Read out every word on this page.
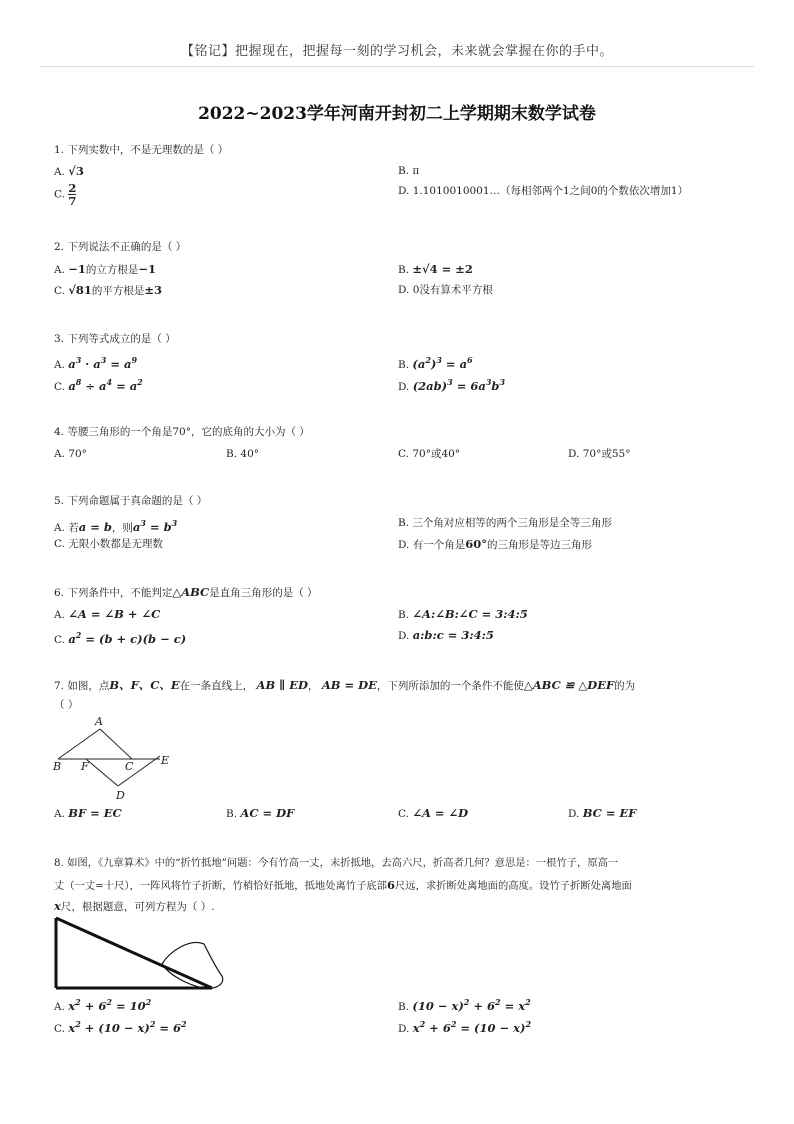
【铭记】把握现在，把握每一刻的学习机会，未来就会掌握在你的手中。
2022~2023学年河南开封初二上学期期末数学试卷
1. 下列实数中，不是无理数的是（ ）
A. √3	B. π
C. $\frac{2}{7}$	D. 1.1010010001…（每相邻两个1之间0的个数依次增加1）
2. 下列说法不正确的是（ ）
A. −1的立方根是−1	B. ±√4 = ±2
C. √81的平方根是±3	D. 0没有算术平方根
3. 下列等式成立的是（ ）
A. $a^3 \cdot a^3 = a^9$	B. $(a^2)^3 = a^6$
C. $a^8 \div a^4 = a^2$	D. $(2ab)^3 = 6a^3b^3$
4. 等腰三角形的一个角是70°，它的底角的大小为（ ）
A. 70°	B. 40°	C. 70°或40°	D. 70°或55°
5. 下列命题属于真命题的是（ ）
A. 若a = b，则$a^3 = b^3$	B. 三个角对应相等的两个三角形是全等三角形
C. 无限小数都是无理数	D. 有一个角是60°的三角形是等边三角形
6. 下列条件中，不能判定△ABC是直角三角形的是（ ）
A. ∠A = ∠B + ∠C	B. ∠A:∠B:∠C = 3:4:5
C. $a^2 = (b + c)(b - c)$	D. a:b:c = 3:4:5
7. 如图，点B、F、C、E在一条直线上， AB ∥ ED， AB = DE，下列所添加的一个条件不能使△ABC ≌ △DEF的为
（ ）
A
B F	C	E
D
A. BF = EC	B. AC = DF	C. ∠A = ∠D	D. BC = EF
8. 如图，《九章算术》中的“折竹抵地”问题：今有竹高一丈，末折抵地，去高六尺，折高者几何？意思是：一根竹子，原高一
丈（一丈=十尺），一阵风将竹子折断，竹梢恰好抵地，抵地处离竹子底部6尺远，求折断处离地面的高度。设竹子折断处离地面
x尺，根据题意，可列方程为（ ）.
A. $x^2 + 6^2 = 10^2$	B. $(10 - x)^2 + 6^2 = x^2$
C. $x^2 + (10 - x)^2 = 6^2$	D. $x^2 + 6^2 = (10 - x)^2$
